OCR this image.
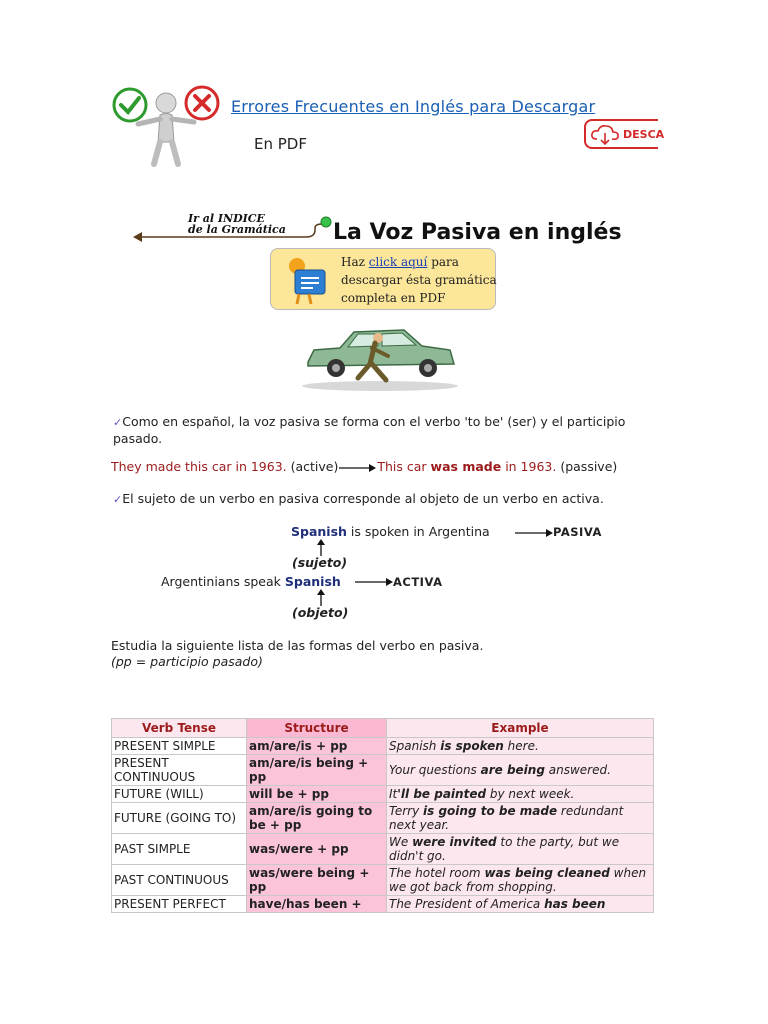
Errores Frecuentes en Inglés para Descargar
En PDF
DESCA
Ir al INDICE
de la Gramática La Voz Pasiva en inglés
Haz click aquí para
descargar ésta gramática
completa en PDF
✓Como en español, la voz pasiva se forma con el verbo 'to be' (ser) y el participio
pasado.
They made this car in 1963. (active)	This car was made in 1963. (passive)
✓El sujeto de un verbo en pasiva corresponde al objeto de un verbo en activa.
Spanish is spoken in Argentina	PASIVA
(sujeto)
Argentinians speak Spanish	ACTIVA
(objeto)
Estudia la siguiente lista de las formas del verbo en pasiva.
(pp = participio pasado)
Verb Tense	Structure	Example
PRESENT SIMPLE	am/are/is + pp	Spanish is spoken here.
PRESENT CONTINUOUS	am/are/is being + pp	Your questions are being answered.
FUTURE (WILL)	will be + pp	It'll be painted by next week.
FUTURE (GOING TO)	am/are/is going to be + pp	Terry is going to be made redundant next year.
PAST SIMPLE	was/were + pp	We were invited to the party, but we didn't go.
PAST CONTINUOUS	was/were being + pp	The hotel room was being cleaned when we got back from shopping.
PRESENT PERFECT	have/has been +	The President of America has been
